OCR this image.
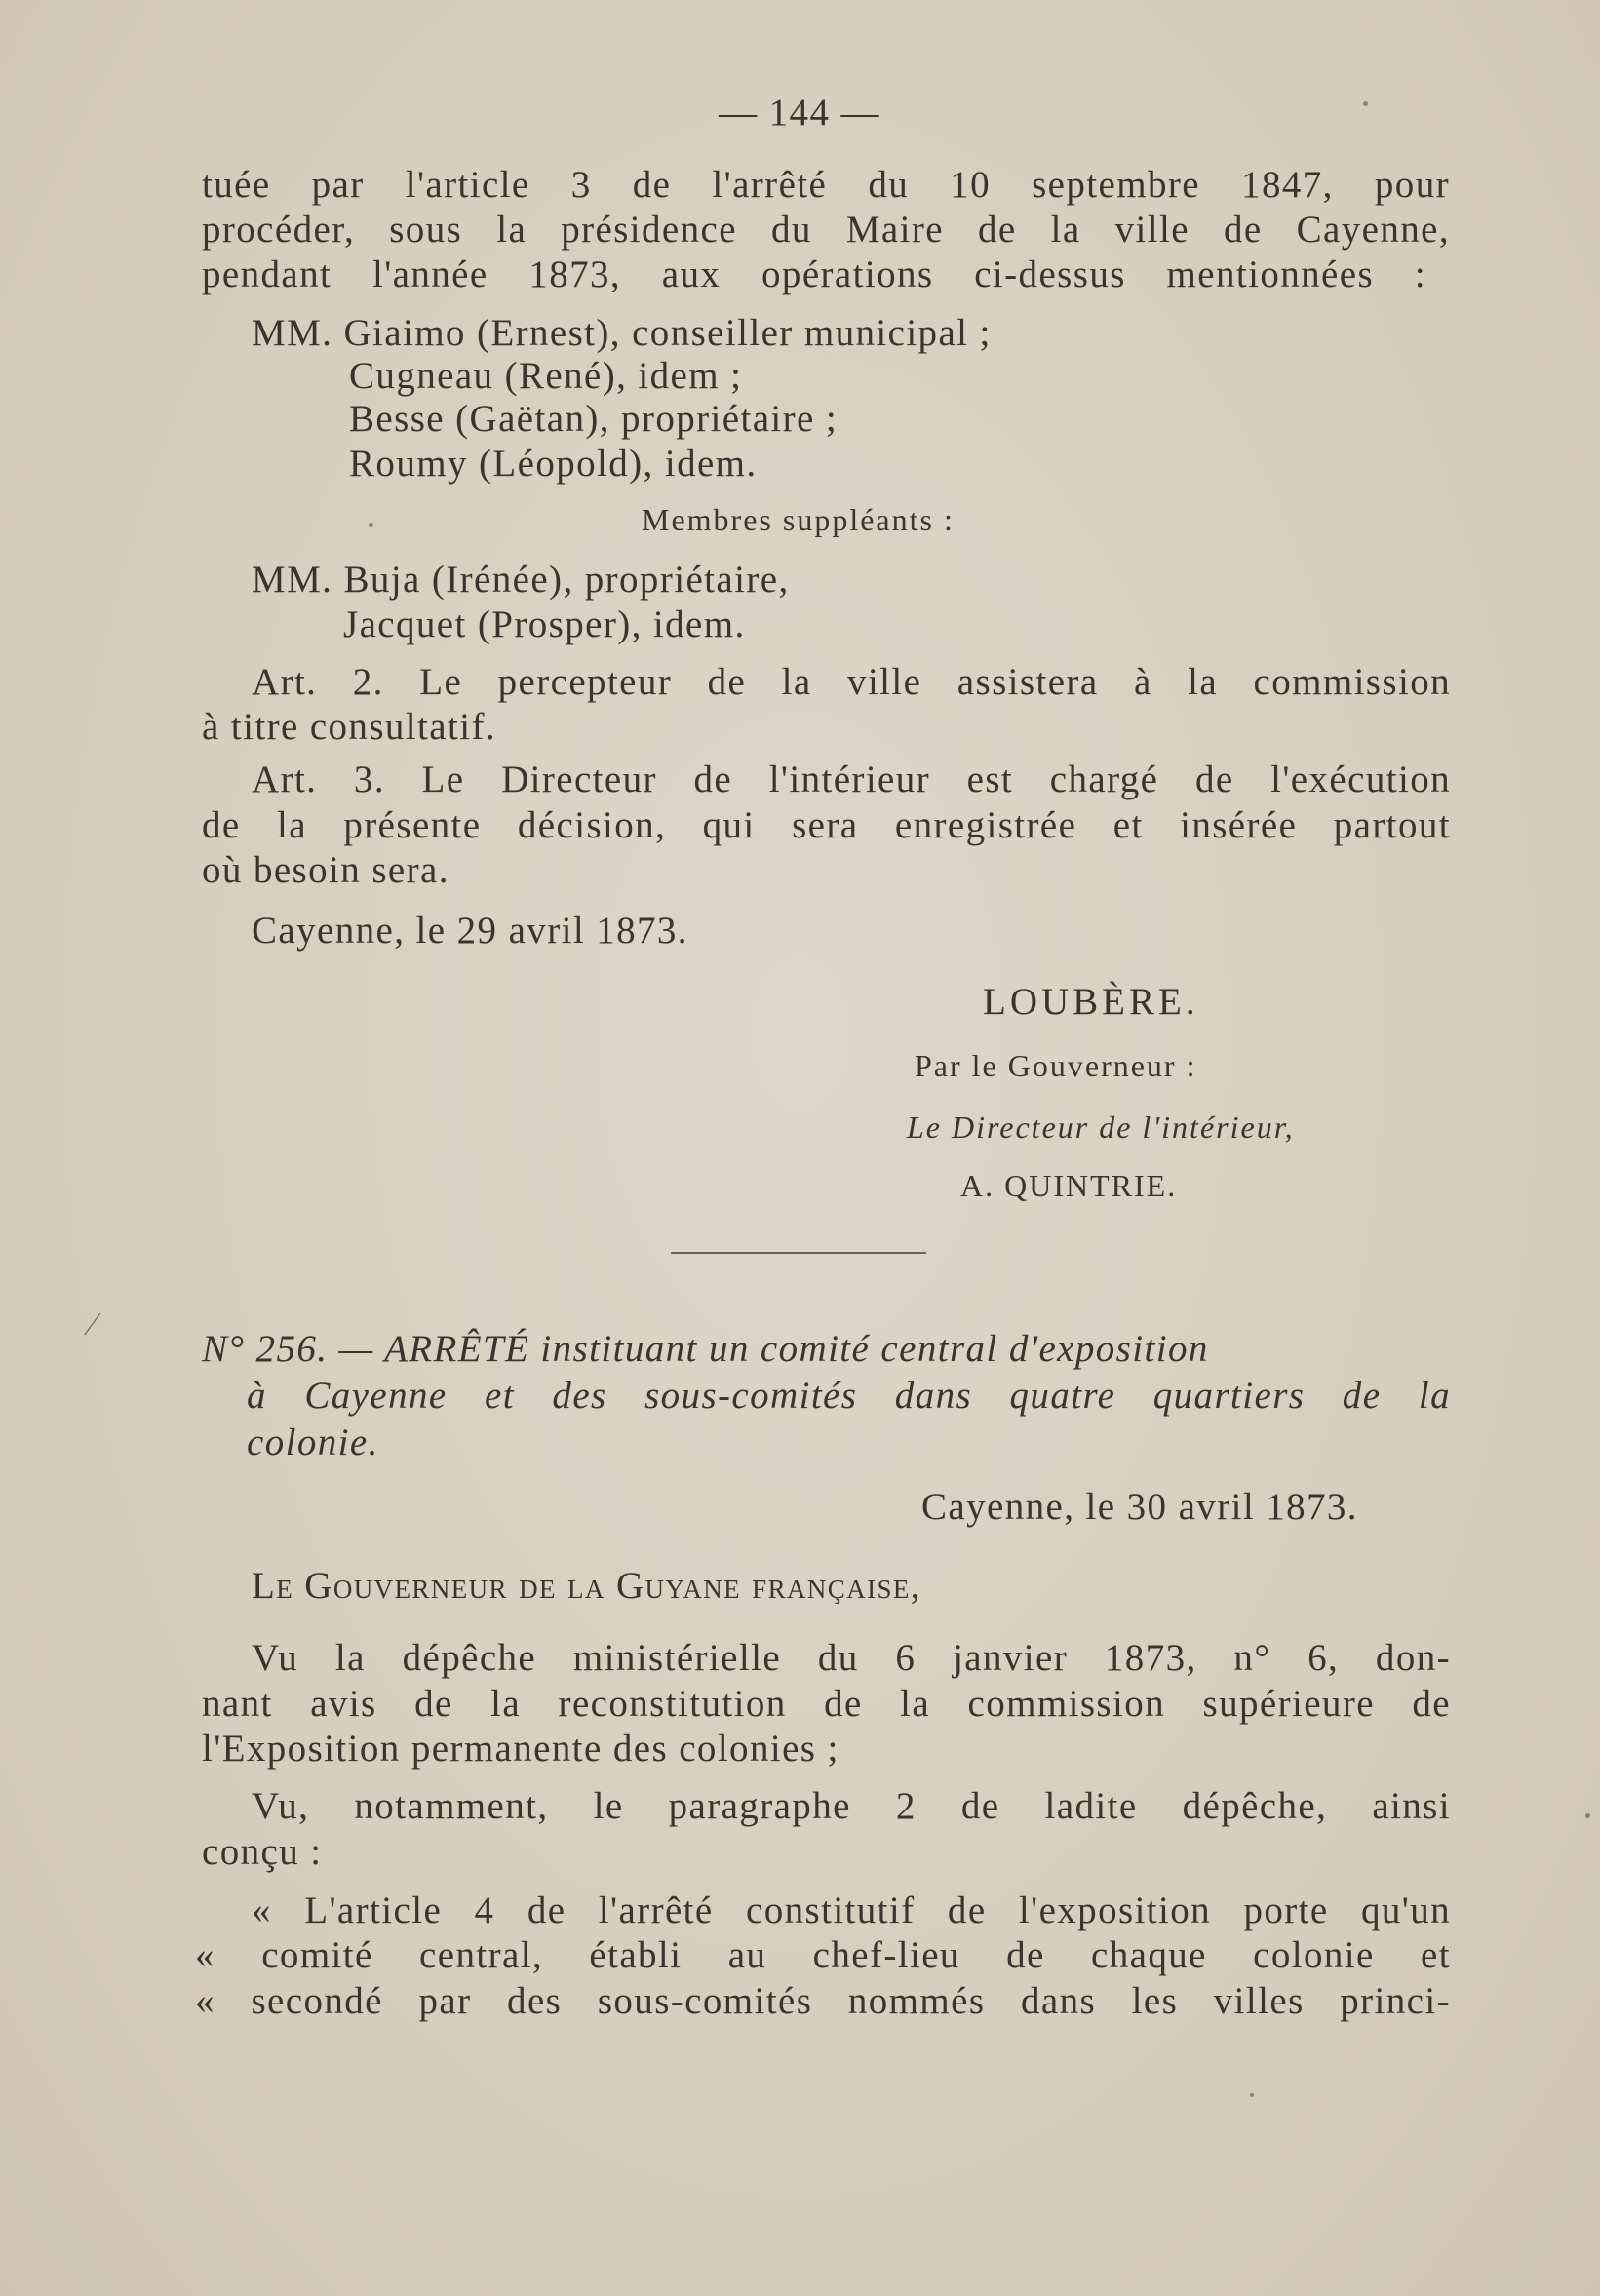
— 144 —
tuée par l'article 3 de l'arrêté du 10 septembre 1847, pour
procéder, sous la présidence du Maire de la ville de Cayenne,
pendant l'année 1873, aux opérations ci-dessus mentionnées :
MM. Giaimo (Ernest), conseiller municipal ;
Cugneau (René), idem ;
Besse (Gaëtan), propriétaire ;
Roumy (Léopold), idem.
Membres suppléants :
MM. Buja (Irénée), propriétaire,
Jacquet (Prosper), idem.
Art. 2. Le percepteur de la ville assistera à la commission
à titre consultatif.
Art. 3. Le Directeur de l'intérieur est chargé de l'exécution
de la présente décision, qui sera enregistrée et insérée partout
où besoin sera.
Cayenne, le 29 avril 1873.
LOUBÈRE.
Par le Gouverneur :
Le Directeur de l'intérieur,
A. QUINTRIE.
⁄
N° 256. — ARRÊTÉ instituant un comité central d'exposition
à Cayenne et des sous-comités dans quatre quartiers de la
colonie.
Cayenne, le 30 avril 1873.
Le Gouverneur de la Guyane française,
Vu la dépêche ministérielle du 6 janvier 1873, n° 6, don-
nant avis de la reconstitution de la commission supérieure de
l'Exposition permanente des colonies ;
Vu, notamment, le paragraphe 2 de ladite dépêche, ainsi
conçu :
« L'article 4 de l'arrêté constitutif de l'exposition porte qu'un
« comité central, établi au chef-lieu de chaque colonie et
« secondé par des sous-comités nommés dans les villes princi-
